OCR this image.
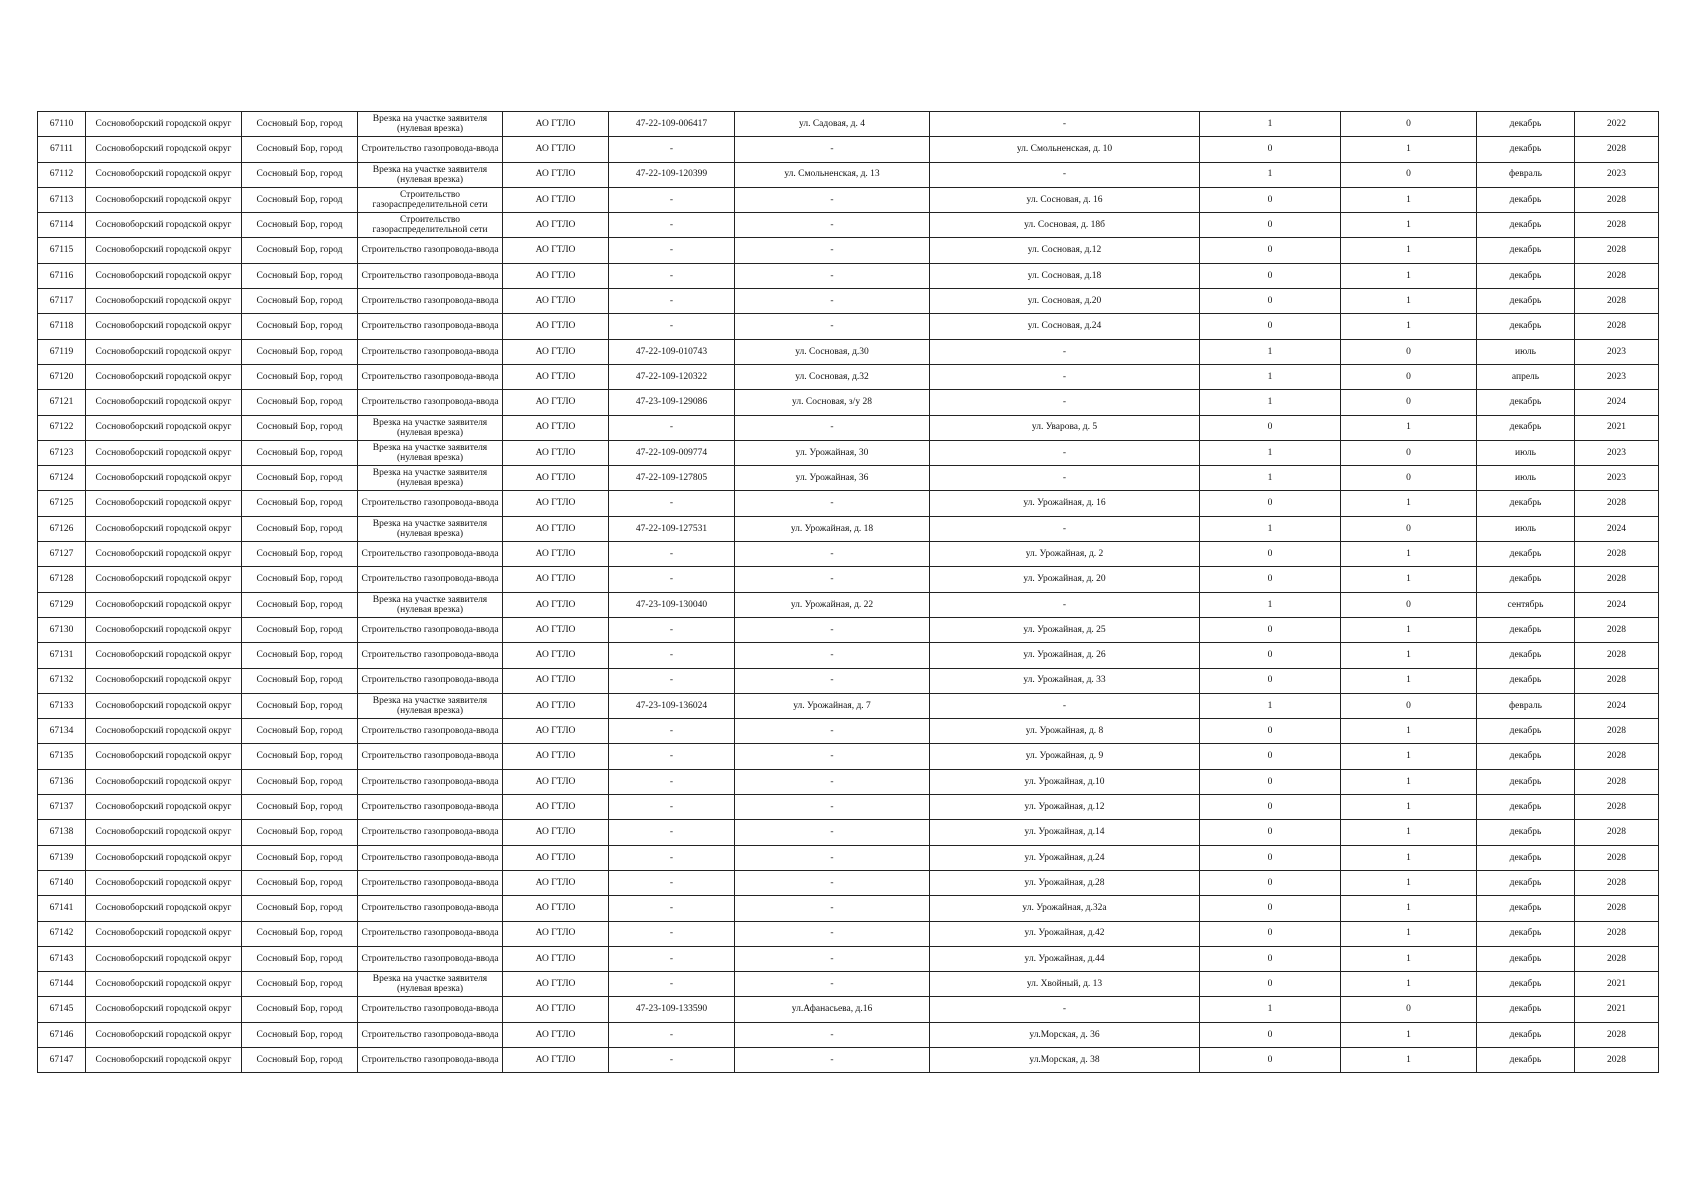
67110	Сосновоборский городской округ	Сосновый Бор, город	Врезка на участке заявителя (нулевая врезка)	АО ГТЛО	47-22-109-006417	ул. Садовая, д. 4	-	1	0	декабрь	2022
67111	Сосновоборский городской округ	Сосновый Бор, город	Строительство газопровода-ввода	АО ГТЛО	-	-	ул. Смольненская, д. 10	0	1	декабрь	2028
67112	Сосновоборский городской округ	Сосновый Бор, город	Врезка на участке заявителя (нулевая врезка)	АО ГТЛО	47-22-109-120399	ул. Смольненская, д. 13	-	1	0	февраль	2023
67113	Сосновоборский городской округ	Сосновый Бор, город	Строительство газораспределительной сети	АО ГТЛО	-	-	ул. Сосновая, д. 16	0	1	декабрь	2028
67114	Сосновоборский городской округ	Сосновый Бор, город	Строительство газораспределительной сети	АО ГТЛО	-	-	ул. Сосновая, д. 18б	0	1	декабрь	2028
67115	Сосновоборский городской округ	Сосновый Бор, город	Строительство газопровода-ввода	АО ГТЛО	-	-	ул. Сосновая, д.12	0	1	декабрь	2028
67116	Сосновоборский городской округ	Сосновый Бор, город	Строительство газопровода-ввода	АО ГТЛО	-	-	ул. Сосновая, д.18	0	1	декабрь	2028
67117	Сосновоборский городской округ	Сосновый Бор, город	Строительство газопровода-ввода	АО ГТЛО	-	-	ул. Сосновая, д.20	0	1	декабрь	2028
67118	Сосновоборский городской округ	Сосновый Бор, город	Строительство газопровода-ввода	АО ГТЛО	-	-	ул. Сосновая, д.24	0	1	декабрь	2028
67119	Сосновоборский городской округ	Сосновый Бор, город	Строительство газопровода-ввода	АО ГТЛО	47-22-109-010743	ул. Сосновая, д.30	-	1	0	июль	2023
67120	Сосновоборский городской округ	Сосновый Бор, город	Строительство газопровода-ввода	АО ГТЛО	47-22-109-120322	ул. Сосновая, д.32	-	1	0	апрель	2023
67121	Сосновоборский городской округ	Сосновый Бор, город	Строительство газопровода-ввода	АО ГТЛО	47-23-109-129086	ул. Сосновая, з/у 28	-	1	0	декабрь	2024
67122	Сосновоборский городской округ	Сосновый Бор, город	Врезка на участке заявителя (нулевая врезка)	АО ГТЛО	-	-	ул. Уварова, д. 5	0	1	декабрь	2021
67123	Сосновоборский городской округ	Сосновый Бор, город	Врезка на участке заявителя (нулевая врезка)	АО ГТЛО	47-22-109-009774	ул. Урожайная, 30	-	1	0	июль	2023
67124	Сосновоборский городской округ	Сосновый Бор, город	Врезка на участке заявителя (нулевая врезка)	АО ГТЛО	47-22-109-127805	ул. Урожайная, 36	-	1	0	июль	2023
67125	Сосновоборский городской округ	Сосновый Бор, город	Строительство газопровода-ввода	АО ГТЛО	-	-	ул. Урожайная, д. 16	0	1	декабрь	2028
67126	Сосновоборский городской округ	Сосновый Бор, город	Врезка на участке заявителя (нулевая врезка)	АО ГТЛО	47-22-109-127531	ул. Урожайная, д. 18	-	1	0	июль	2024
67127	Сосновоборский городской округ	Сосновый Бор, город	Строительство газопровода-ввода	АО ГТЛО	-	-	ул. Урожайная, д. 2	0	1	декабрь	2028
67128	Сосновоборский городской округ	Сосновый Бор, город	Строительство газопровода-ввода	АО ГТЛО	-	-	ул. Урожайная, д. 20	0	1	декабрь	2028
67129	Сосновоборский городской округ	Сосновый Бор, город	Врезка на участке заявителя (нулевая врезка)	АО ГТЛО	47-23-109-130040	ул. Урожайная, д. 22	-	1	0	сентябрь	2024
67130	Сосновоборский городской округ	Сосновый Бор, город	Строительство газопровода-ввода	АО ГТЛО	-	-	ул. Урожайная, д. 25	0	1	декабрь	2028
67131	Сосновоборский городской округ	Сосновый Бор, город	Строительство газопровода-ввода	АО ГТЛО	-	-	ул. Урожайная, д. 26	0	1	декабрь	2028
67132	Сосновоборский городской округ	Сосновый Бор, город	Строительство газопровода-ввода	АО ГТЛО	-	-	ул. Урожайная, д. 33	0	1	декабрь	2028
67133	Сосновоборский городской округ	Сосновый Бор, город	Врезка на участке заявителя (нулевая врезка)	АО ГТЛО	47-23-109-136024	ул. Урожайная, д. 7	-	1	0	февраль	2024
67134	Сосновоборский городской округ	Сосновый Бор, город	Строительство газопровода-ввода	АО ГТЛО	-	-	ул. Урожайная, д. 8	0	1	декабрь	2028
67135	Сосновоборский городской округ	Сосновый Бор, город	Строительство газопровода-ввода	АО ГТЛО	-	-	ул. Урожайная, д. 9	0	1	декабрь	2028
67136	Сосновоборский городской округ	Сосновый Бор, город	Строительство газопровода-ввода	АО ГТЛО	-	-	ул. Урожайная, д.10	0	1	декабрь	2028
67137	Сосновоборский городской округ	Сосновый Бор, город	Строительство газопровода-ввода	АО ГТЛО	-	-	ул. Урожайная, д.12	0	1	декабрь	2028
67138	Сосновоборский городской округ	Сосновый Бор, город	Строительство газопровода-ввода	АО ГТЛО	-	-	ул. Урожайная, д.14	0	1	декабрь	2028
67139	Сосновоборский городской округ	Сосновый Бор, город	Строительство газопровода-ввода	АО ГТЛО	-	-	ул. Урожайная, д.24	0	1	декабрь	2028
67140	Сосновоборский городской округ	Сосновый Бор, город	Строительство газопровода-ввода	АО ГТЛО	-	-	ул. Урожайная, д.28	0	1	декабрь	2028
67141	Сосновоборский городской округ	Сосновый Бор, город	Строительство газопровода-ввода	АО ГТЛО	-	-	ул. Урожайная, д.32а	0	1	декабрь	2028
67142	Сосновоборский городской округ	Сосновый Бор, город	Строительство газопровода-ввода	АО ГТЛО	-	-	ул. Урожайная, д.42	0	1	декабрь	2028
67143	Сосновоборский городской округ	Сосновый Бор, город	Строительство газопровода-ввода	АО ГТЛО	-	-	ул. Урожайная, д.44	0	1	декабрь	2028
67144	Сосновоборский городской округ	Сосновый Бор, город	Врезка на участке заявителя (нулевая врезка)	АО ГТЛО	-	-	ул. Хвойный, д. 13	0	1	декабрь	2021
67145	Сосновоборский городской округ	Сосновый Бор, город	Строительство газопровода-ввода	АО ГТЛО	47-23-109-133590	ул.Афанасьева, д.16	-	1	0	декабрь	2021
67146	Сосновоборский городской округ	Сосновый Бор, город	Строительство газопровода-ввода	АО ГТЛО	-	-	ул.Морская, д. 36	0	1	декабрь	2028
67147	Сосновоборский городской округ	Сосновый Бор, город	Строительство газопровода-ввода	АО ГТЛО	-	-	ул.Морская, д. 38	0	1	декабрь	2028
